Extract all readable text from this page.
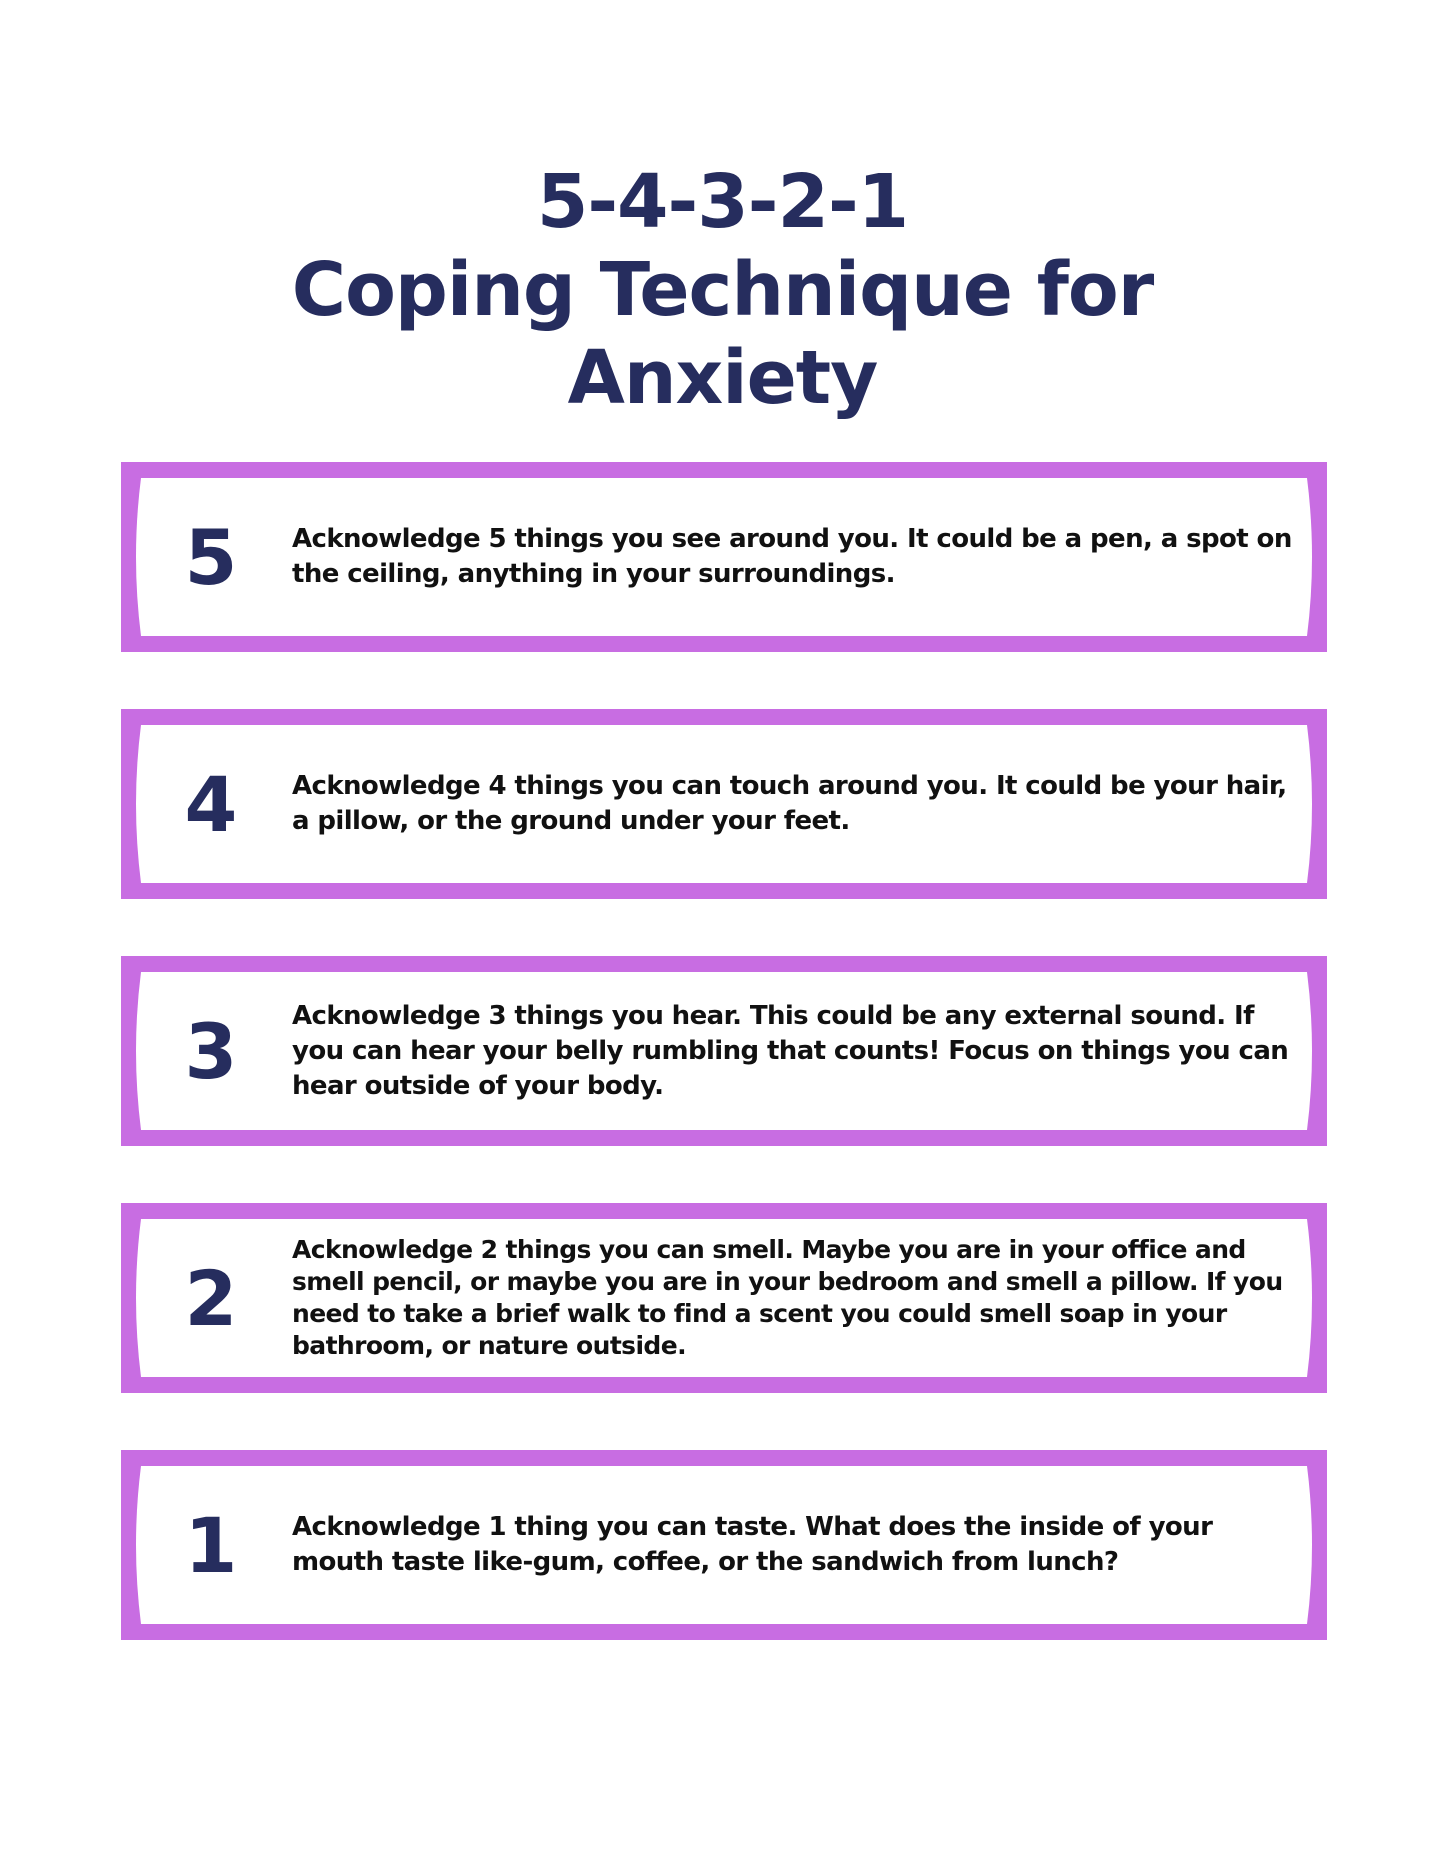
5-4-3-2-1
Coping Technique for
Anxiety
5	Acknowledge 5 things you see around you. It could be a pen, a spot on the ceiling, anything in your surroundings.
4	Acknowledge 4 things you can touch around you. It could be your hair, a pillow, or the ground under your feet.
3	Acknowledge 3 things you hear. This could be any external sound. If you can hear your belly rumbling that counts! Focus on things you can hear outside of your body.
2
Acknowledge 2 things you can smell. Maybe you are in your office and smell pencil, or maybe you are in your bedroom and smell a pillow. If you need to take a brief walk to find a scent you could smell soap in your bathroom, or nature outside.
1	Acknowledge 1 thing you can taste. What does the inside of your mouth taste like-gum, coffee, or the sandwich from lunch?
